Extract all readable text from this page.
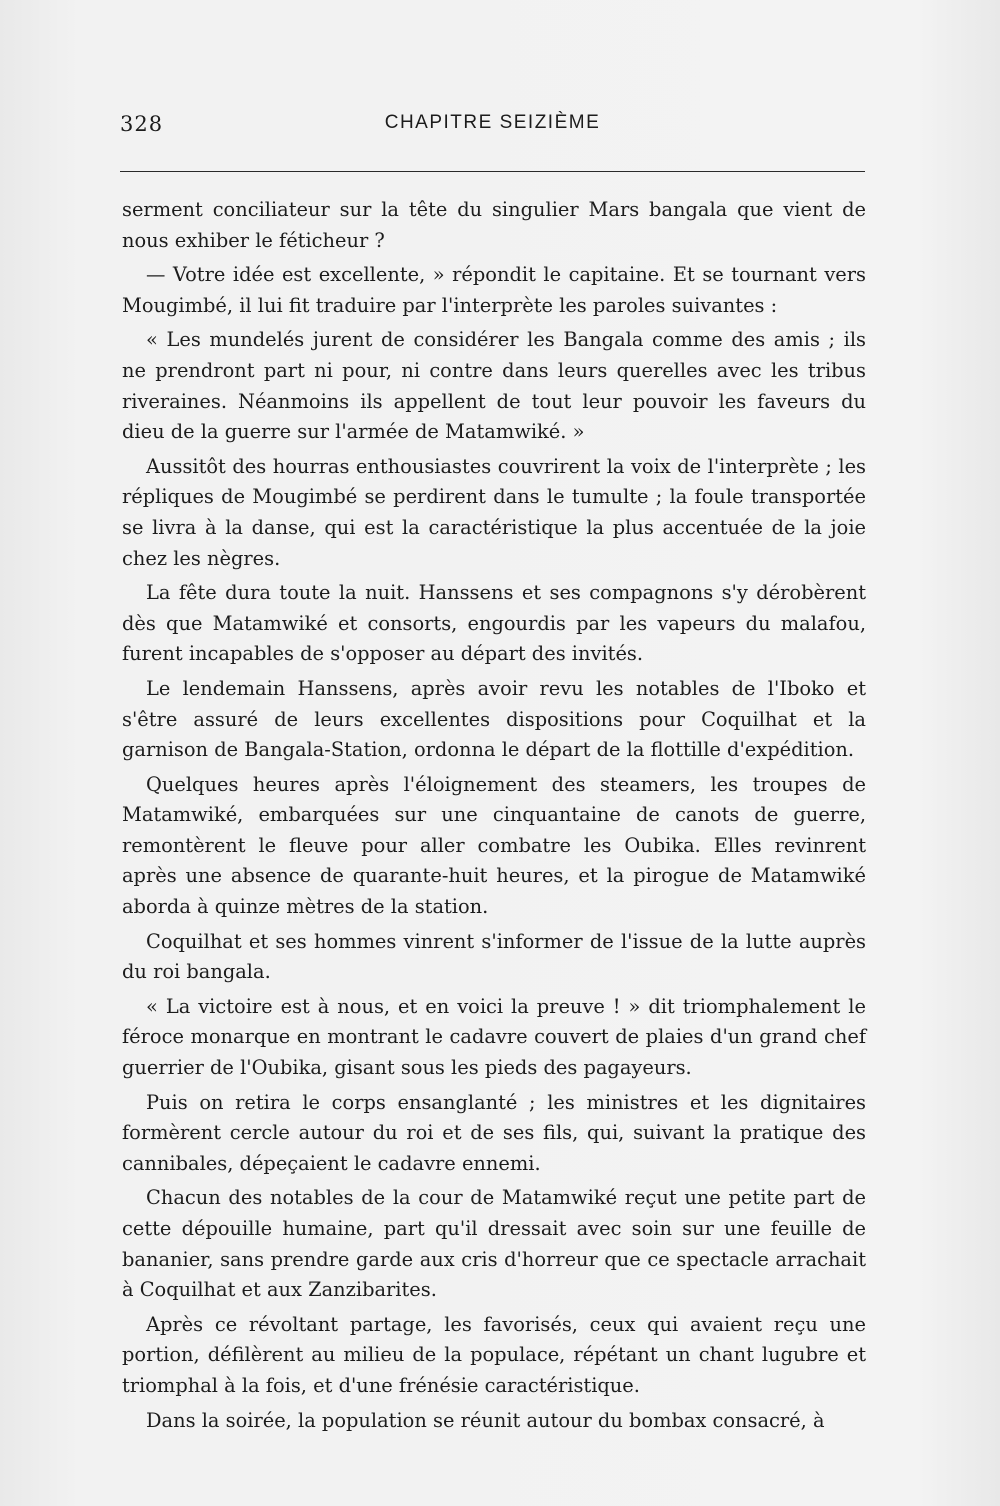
328	CHAPITRE SEIZIÈME

serment conciliateur sur la tête du singulier Mars bangala que vient de nous exhiber le féticheur ?

— Votre idée est excellente, » répondit le capitaine. Et se tournant vers Mougimbé, il lui fit traduire par l'interprète les paroles suivantes :

« Les mundelés jurent de considérer les Bangala comme des amis ; ils ne prendront part ni pour, ni contre dans leurs querelles avec les tribus riveraines. Néanmoins ils appellent de tout leur pouvoir les faveurs du dieu de la guerre sur l'armée de Matamwiké. »

Aussitôt des hourras enthousiastes couvrirent la voix de l'interprète ; les répliques de Mougimbé se perdirent dans le tumulte ; la foule transportée se livra à la danse, qui est la caractéristique la plus accentuée de la joie chez les nègres.

La fête dura toute la nuit. Hanssens et ses compagnons s'y dérobèrent dès que Matamwiké et consorts, engourdis par les vapeurs du malafou, furent incapables de s'opposer au départ des invités.

Le lendemain Hanssens, après avoir revu les notables de l'Iboko et s'être assuré de leurs excellentes dispositions pour Coquilhat et la garnison de Bangala-Station, ordonna le départ de la flottille d'expédition.

Quelques heures après l'éloignement des steamers, les troupes de Matamwiké, embarquées sur une cinquantaine de canots de guerre, remontèrent le fleuve pour aller combatre les Oubika. Elles revinrent après une absence de quarante-huit heures, et la pirogue de Matamwiké aborda à quinze mètres de la station.

Coquilhat et ses hommes vinrent s'informer de l'issue de la lutte auprès du roi bangala.

« La victoire est à nous, et en voici la preuve ! » dit triomphalement le féroce monarque en montrant le cadavre couvert de plaies d'un grand chef guerrier de l'Oubika, gisant sous les pieds des pagayeurs.

Puis on retira le corps ensanglanté ; les ministres et les dignitaires formèrent cercle autour du roi et de ses fils, qui, suivant la pratique des cannibales, dépeçaient le cadavre ennemi.

Chacun des notables de la cour de Matamwiké reçut une petite part de cette dépouille humaine, part qu'il dressait avec soin sur une feuille de bananier, sans prendre garde aux cris d'horreur que ce spectacle arrachait à Coquilhat et aux Zanzibarites.

Après ce révoltant partage, les favorisés, ceux qui avaient reçu une portion, défilèrent au milieu de la populace, répétant un chant lugubre et triomphal à la fois, et d'une frénésie caractéristique.

Dans la soirée, la population se réunit autour du bombax consacré, à
